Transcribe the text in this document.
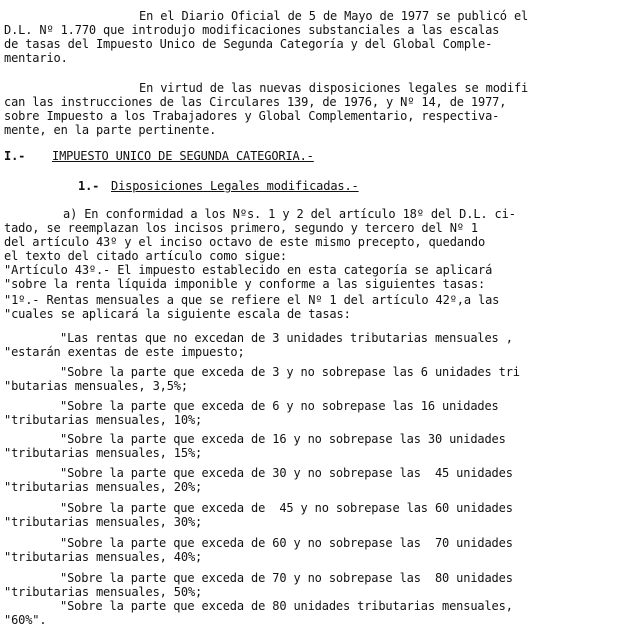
En el Diario Oficial de 5 de Mayo de 1977 se publicó el
D.L. Nº 1.770 que introdujo modificaciones substanciales a las escalas
de tasas del Impuesto Unico de Segunda Categoría y del Global Comple-
mentario.
En virtud de las nuevas disposiciones legales se modifi
can las instrucciones de las Circulares 139, de 1976, y Nº 14, de 1977,
sobre Impuesto a los Trabajadores y Global Complementario, respectiva-
mente, en la parte pertinente.
I.- IMPUESTO UNICO DE SEGUNDA CATEGORIA.-
1.- Disposiciones Legales modificadas.-
a) En conformidad a los Nºs. 1 y 2 del artículo 18º del D.L. ci-
tado, se reemplazan los incisos primero, segundo y tercero del Nº 1
del artículo 43º y el inciso octavo de este mismo precepto, quedando
el texto del citado artículo como sigue:
"Artículo 43º.- El impuesto establecido en esta categoría se aplicará
"sobre la renta líquida imponible y conforme a las siguientes tasas:
"1º.- Rentas mensuales a que se refiere el Nº 1 del artículo 42º,a las
"cuales se aplicará la siguiente escala de tasas:
"Las rentas que no excedan de 3 unidades tributarias mensuales ,
"estarán exentas de este impuesto;
"Sobre la parte que exceda de 3 y no sobrepase las 6 unidades tri
"butarias mensuales, 3,5%;
"Sobre la parte que exceda de 6 y no sobrepase las 16 unidades
"tributarias mensuales, 10%;
"Sobre la parte que exceda de 16 y no sobrepase las 30 unidades
"tributarias mensuales, 15%;
"Sobre la parte que exceda de 30 y no sobrepase las  45 unidades
"tributarias mensuales, 20%;
"Sobre la parte que exceda de  45 y no sobrepase las 60 unidades
"tributarias mensuales, 30%;
"Sobre la parte que exceda de 60 y no sobrepase las  70 unidades
"tributarias mensuales, 40%;
"Sobre la parte que exceda de 70 y no sobrepase las  80 unidades
"tributarias mensuales, 50%;
"Sobre la parte que exceda de 80 unidades tributarias mensuales,
"60%".
